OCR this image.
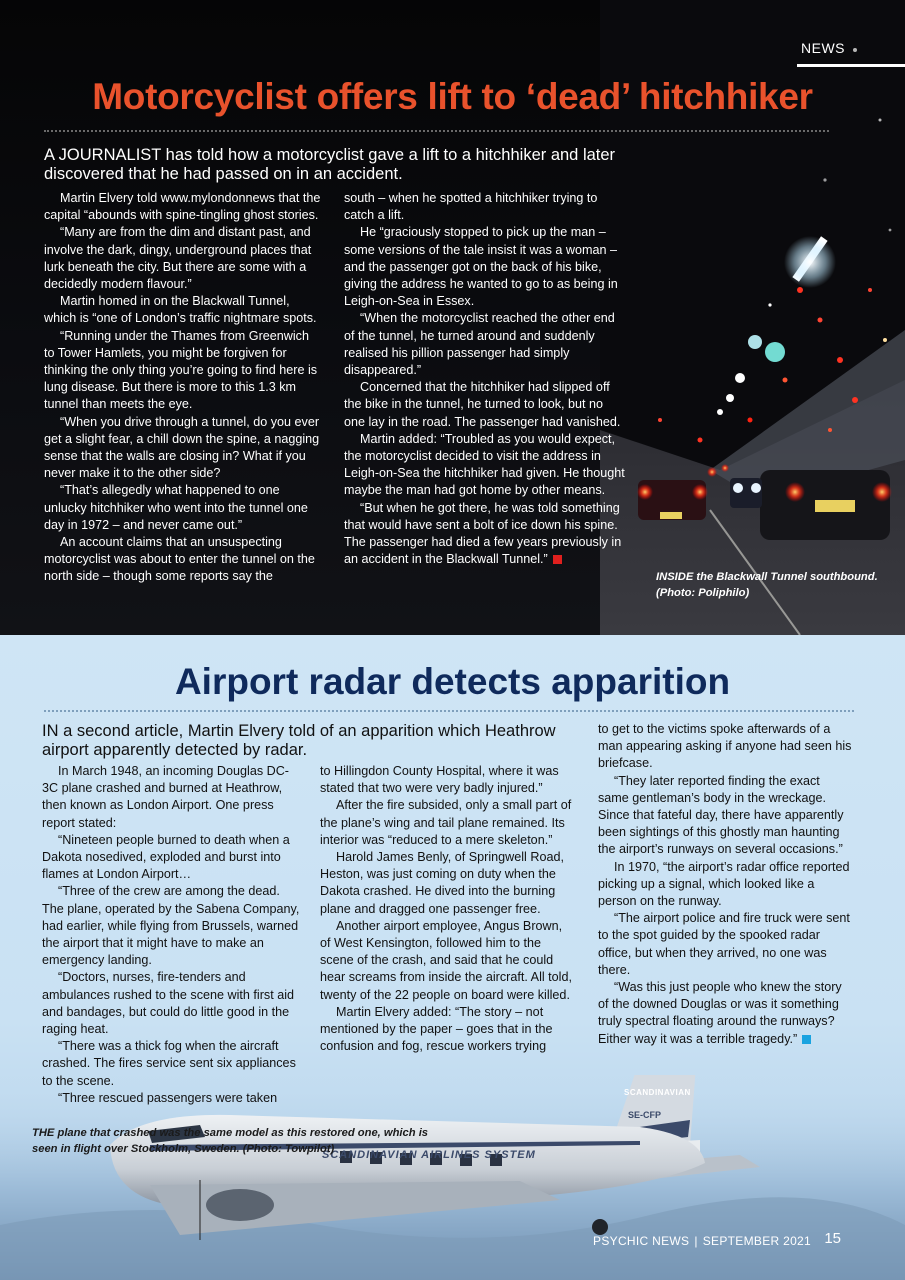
NEWS
Motorcyclist offers lift to ‘dead’ hitchhiker
A JOURNALIST has told how a motorcyclist gave a lift to a hitchhiker and later discovered that he had passed on in an accident.

Martin Elvery told www.mylondonnews that the capital “abounds with spine-tingling ghost stories.

“Many are from the dim and distant past, and involve the dark, dingy, underground places that lurk beneath the city. But there are some with a decidedly modern flavour.”

Martin homed in on the Blackwall Tunnel, which is “one of London’s traffic nightmare spots.

“Running under the Thames from Greenwich to Tower Hamlets, you might be forgiven for thinking the only thing you’re going to find here is lung disease. But there is more to this 1.3 km tunnel than meets the eye.

“When you drive through a tunnel, do you ever get a slight fear, a chill down the spine, a nagging sense that the walls are closing in? What if you never make it to the other side?

“That’s allegedly what happened to one unlucky hitchhiker who went into the tunnel one day in 1972 – and never came out.”

An account claims that an unsuspecting motorcyclist was about to enter the tunnel on the north side – though some reports say the

south – when he spotted a hitchhiker trying to catch a lift.

He “graciously stopped to pick up the man – some versions of the tale insist it was a woman – and the passenger got on the back of his bike, giving the address he wanted to go to as being in Leigh-on-Sea in Essex.

“When the motorcyclist reached the other end of the tunnel, he turned around and suddenly realised his pillion passenger had simply disappeared.”

Concerned that the hitchhiker had slipped off the bike in the tunnel, he turned to look, but no one lay in the road. The passenger had vanished.

Martin added: “Troubled as you would expect, the motorcyclist decided to visit the address in Leigh-on-Sea the hitchhiker had given. He thought maybe the man had got home by other means.

“But when he got there, he was told something that would have sent a bolt of ice down his spine. The passenger had died a few years previously in an accident in the Blackwall Tunnel.”

INSIDE the Blackwall Tunnel southbound. (Photo: Poliphilo)
SCANDINAVIAN AIRLINES SYSTEM
SCANDINAVIAN
SE-CFP
Airport radar detects apparition
IN a second article, Martin Elvery told of an apparition which Heathrow airport apparently detected by radar.

In March 1948, an incoming Douglas DC-3C plane crashed and burned at Heathrow, then known as London Airport. One press report stated:

“Nineteen people burned to death when a Dakota nosedived, exploded and burst into flames at London Airport…

“Three of the crew are among the dead. The plane, operated by the Sabena Company, had earlier, while flying from Brussels, warned the airport that it might have to make an emergency landing.

“Doctors, nurses, fire-tenders and ambulances rushed to the scene with first aid and bandages, but could do little good in the raging heat.

“There was a thick fog when the aircraft crashed. The fires service sent six appliances to the scene.

“Three rescued passengers were taken

to Hillingdon County Hospital, where it was stated that two were very badly injured.”

After the fire subsided, only a small part of the plane’s wing and tail plane remained. Its interior was “reduced to a mere skeleton.”

Harold James Benly, of Springwell Road, Heston, was just coming on duty when the Dakota crashed. He dived into the burning plane and dragged one passenger free.

Another airport employee, Angus Brown, of West Kensington, followed him to the scene of the crash, and said that he could hear screams from inside the aircraft. All told, twenty of the 22 people on board were killed.

Martin Elvery added: “The story – not mentioned by the paper – goes that in the confusion and fog, rescue workers trying

to get to the victims spoke afterwards of a man appearing asking if anyone had seen his briefcase.

“They later reported finding the exact same gentleman’s body in the wreckage. Since that fateful day, there have apparently been sightings of this ghostly man haunting the airport’s runways on several occasions.”

In 1970, “the airport’s radar office reported picking up a signal, which looked like a person on the runway.

“The airport police and fire truck were sent to the spot guided by the spooked radar office, but when they arrived, no one was there.

“Was this just people who knew the story of the downed Douglas or was it something truly spectral floating around the runways? Either way it was a terrible tragedy.”

THE plane that crashed was the same model as this restored one, which is seen in flight over Stockholm, Sweden. (Photo: Towpilot)
PSYCHIC NEWS | SEPTEMBER 2021 15
